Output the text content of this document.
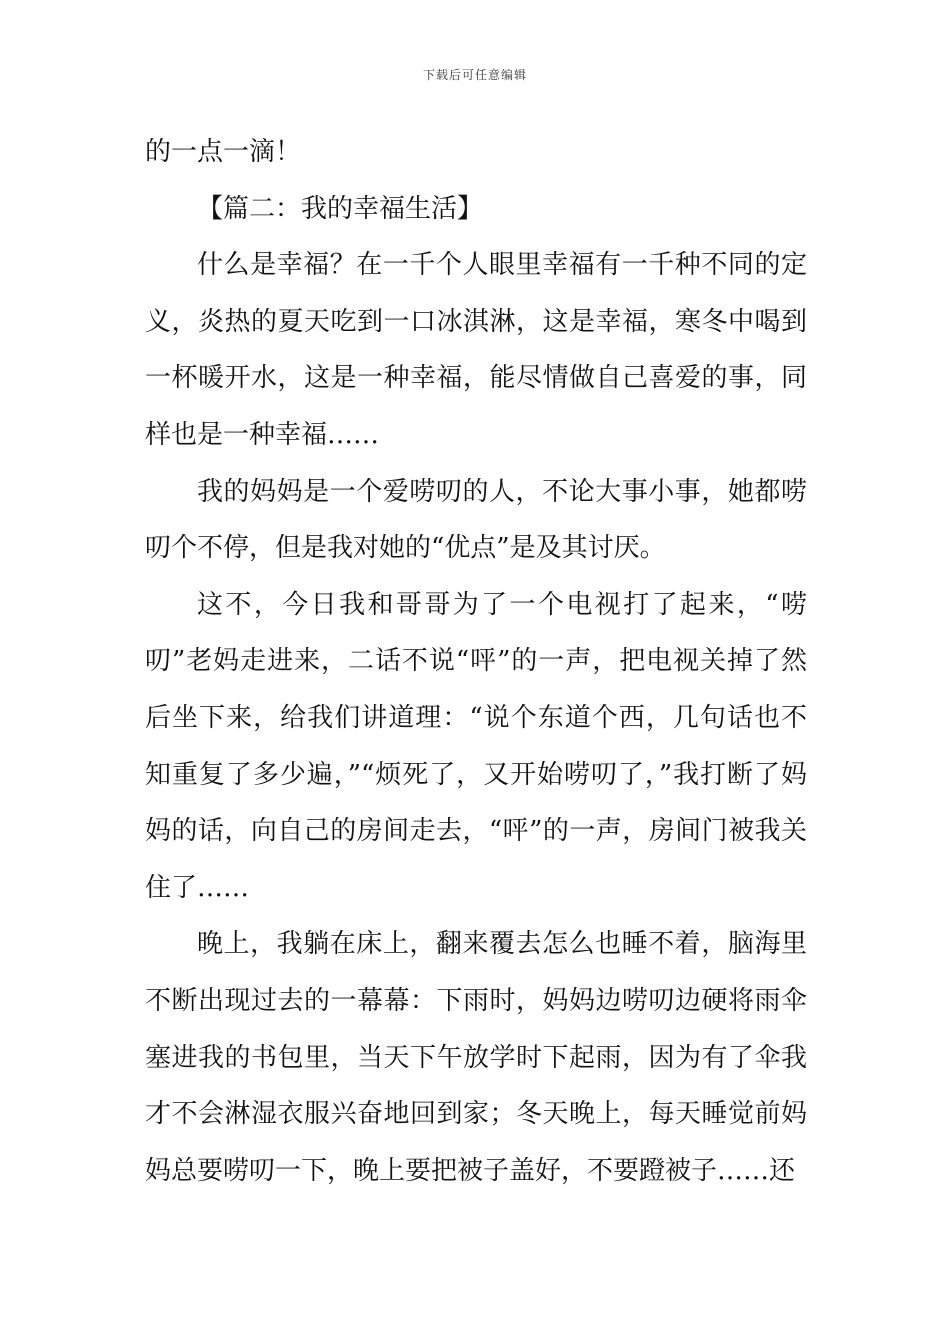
下载后可任意编辑

的一点一滴！

【篇二：我的幸福生活】

什么是幸福？在一千个人眼里幸福有一千种不同的定义，炎热的夏天吃到一口冰淇淋，这是幸福，寒冬中喝到一杯暖开水，这是一种幸福，能尽情做自己喜爱的事，同样也是一种幸福……

我的妈妈是一个爱唠叨的人，不论大事小事，她都唠叨个不停，但是我对她的“优点”是及其讨厌。

这不，今日我和哥哥为了一个电视打了起来，“唠叨”老妈走进来，二话不说“呯”的一声，把电视关掉了然后坐下来，给我们讲道理：“说个东道个西，几句话也不知重复了多少遍，”“烦死了，又开始唠叨了，”我打断了妈妈的话，向自己的房间走去，“呯”的一声，房间门被我关住了……

晚上，我躺在床上，翻来覆去怎么也睡不着，脑海里不断出现过去的一幕幕：下雨时，妈妈边唠叨边硬将雨伞塞进我的书包里，当天下午放学时下起雨，因为有了伞我才不会淋湿衣服兴奋地回到家；冬天晚上，每天睡觉前妈妈总要唠叨一下，晚上要把被子盖好，不要蹬被子……还
